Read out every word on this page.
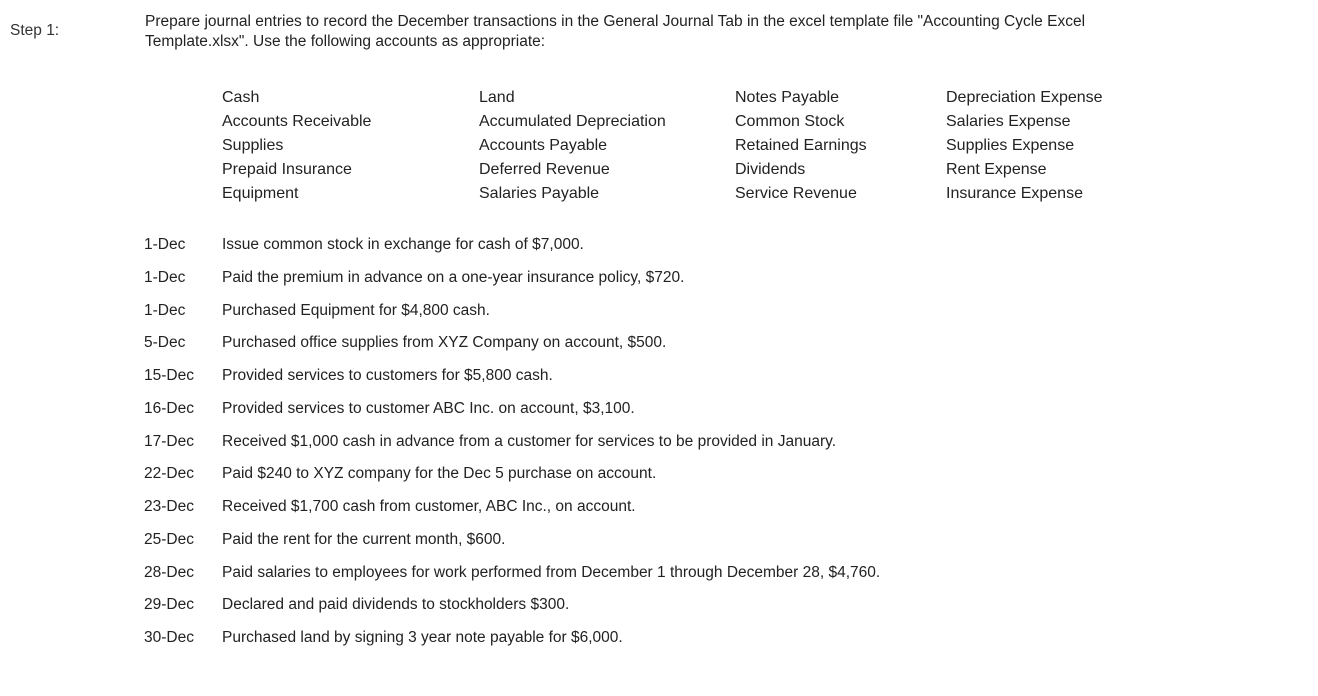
Step 1:
Prepare journal entries to record the December transactions in the General Journal Tab in the excel template file "Accounting Cycle Excel
Template.xlsx". Use the following accounts as appropriate:
Cash
Accounts Receivable
Supplies
Prepaid Insurance
Equipment
Land
Accumulated Depreciation
Accounts Payable
Deferred Revenue
Salaries Payable
Notes Payable
Common Stock
Retained Earnings
Dividends
Service Revenue
Depreciation Expense
Salaries Expense
Supplies Expense
Rent Expense
Insurance Expense
1-Dec Issue common stock in exchange for cash of $7,000.
1-Dec Paid the premium in advance on a one-year insurance policy, $720.
1-Dec Purchased Equipment for $4,800 cash.
5-Dec Purchased office supplies from XYZ Company on account, $500.
15-Dec Provided services to customers for $5,800 cash.
16-Dec Provided services to customer ABC Inc. on account, $3,100.
17-Dec Received $1,000 cash in advance from a customer for services to be provided in January.
22-Dec Paid $240 to XYZ company for the Dec 5 purchase on account.
23-Dec Received $1,700 cash from customer, ABC Inc., on account.
25-Dec Paid the rent for the current month, $600.
28-Dec Paid salaries to employees for work performed from December 1 through December 28, $4,760.
29-Dec Declared and paid dividends to stockholders $300.
30-Dec Purchased land by signing 3 year note payable for $6,000.
